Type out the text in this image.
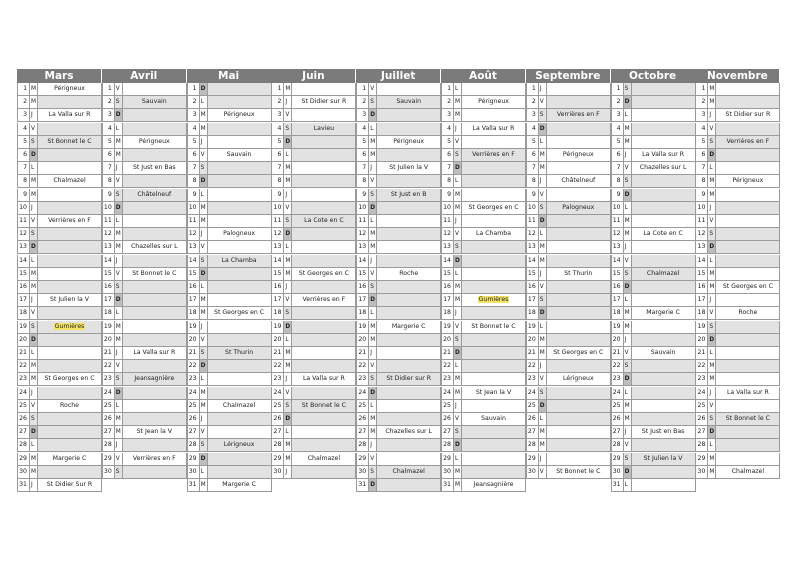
Mars
1 M	Périgneux
2 M
3 J	La Valla sur R
4 V
5 S	St Bonnet le C
6 D
7 L
8 M	Chalmazel
9 M
10 J
11 V	Verrières en F
12 S
13 D
14 L
15 M
16 M
17 J	St Julien la V
18 V
19 S	Gumières
20 D
21 L
22 M
23 M	St Georges en C
24 J
25 V	Roche
26 S
27 D
28 L
29 M	Margerie C
30 M
31 J	St Didier Sur R
Avril
1 V
2 S	Sauvain
3 D
4 L
5 M	Périgneux
6 M
7 J	St Just en Bas
8 V
9 S	Châtelneuf
10 D
11 L
12 M
13 M	Chazelles sur L
14 J
15 V	St Bonnet le C
16 S
17 D
18 L
19 M
20 M
21 J	La Valla sur R
22 V
23 S	Jeansagnière
24 D
25 L
26 M
27 M	St Jean la V
28 J
29 V	Verrières en F
30 S
Mai
1 D
2 L
3 M	Périgneux
4 M
5 J
6 V	Sauvain
7 S
8 D
9 L
10 M
11 M
12 J	Palogneux
13 V
14 S	La Chamba
15 D
16 L
17 M
18 M	St Georges en C
19 J
20 V
21 S	St Thurin
22 D
23 L
24 M
25 M	Chalmazel
26 J
27 V
28 S	Lérigneux
29 D
30 L
31 M	Margerie C
Juin
1 M
2 J	St Didier sur R
3 V
4 S	Lavieu
5 D
6 L
7 M
8 M
9 J
10 V
11 S	La Cote en C
12 D
13 L
14 M
15 M	St Georges en C
16 J
17 V	Verrières en F
18 S
19 D
20 L
21 M
22 M
23 J	La Valla sur R
24 V
25 S	St Bonnet le C
26 D
27 L
28 M
29 M	Chalmazel
30 J
Juillet
1 V
2 S	Sauvain
3 D
4 L
5 M	Périgneux
6 M
7 J	St Julien la V
8 V
9 S	St Just en B
10 D
11 L
12 M
13 M
14 J
15 V	Roche
16 S
17 D
18 L
19 M	Margerie C
20 M
21 J
22 V
23 S	St Didier sur R
24 D
25 L
26 M
27 M	Chazelles sur L
28 J
29 V
30 S	Chalmazel
31 D
Août
1 L
2 M	Périgneux
3 M
4 J	La Valla sur R
5 V
6 S	Verrières en F
7 D
8 L
9 M
10 M	St Georges en C
11 J
12 V	La Chamba
13 S
14 D
15 L
16 M
17 M	Gumières
18 J
19 V	St Bonnet le C
20 S
21 D
22 L
23 M
24 M	St Jean la V
25 J
26 V	Sauvain
27 S
28 D
29 L
30 M
31 M	Jeansagnière
Septembre
1 J
2 V
3 S	Verrières en F
4 D
5 L
6 M	Périgneux
7 M
8 J	Châtelneuf
9 V
10 S	Palogneux
11 D
12 L
13 M
14 M
15 J	St Thurin
16 V
17 S
18 D
19 L
20 M
21 M	St Georges en C
22 J
23 V	Lérigneux
24 S
25 D
26 L
27 M
28 M
29 J
30 V	St Bonnet le C
Octobre
1 S
2 D
3 L
4 M
5 M
6 J	La Valla sur R
7 V	Chazelles sur L
8 S
9 D
10 L
11 M
12 M	La Cote en C
13 J
14 V
15 S	Chalmazel
16 D
17 L
18 M	Margerie C
19 M
20 J
21 V	Sauvain
22 S
23 D
24 L
25 M
26 M
27 J	St Just en Bas
28 V
29 S	St Julien la V
30 D
31 L
Novembre
1 M
2 M
3 J	St Didier sur R
4 V
5 S	Verrières en F
6 D
7 L
8 M	Périgneux
9 M
10 J
11 V
12 S
13 D
14 L
15 M
16 M	St Georges en C
17 J
18 V	Roche
19 S
20 D
21 L
22 M
23 M
24 J	La Valla sur R
25 V
26 S	St Bonnet le C
27 D
28 L
29 M
30 M	Chalmazel
